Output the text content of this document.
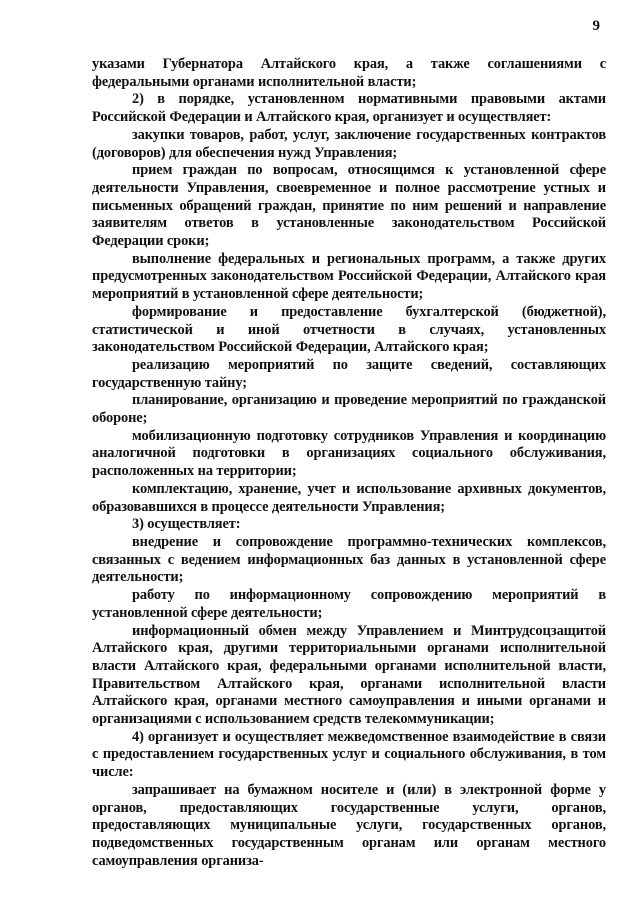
9

указами Губернатора Алтайского края, а также соглашениями с федеральными органами исполнительной власти;

2) в порядке, установленном нормативными правовыми актами Российской Федерации и Алтайского края, организует и осуществляет:

закупки товаров, работ, услуг, заключение государственных контрактов (договоров) для обеспечения нужд Управления;

прием граждан по вопросам, относящимся к установленной сфере деятельности Управления, своевременное и полное рассмотрение устных и письменных обращений граждан, принятие по ним решений и направление заявителям ответов в установленные законодательством Российской Федерации сроки;

выполнение федеральных и региональных программ, а также других предусмотренных законодательством Российской Федерации, Алтайского края мероприятий в установленной сфере деятельности;

формирование и предоставление бухгалтерской (бюджетной), статистической и иной отчетности в случаях, установленных законодательством Российской Федерации, Алтайского края;

реализацию мероприятий по защите сведений, составляющих государственную тайну;

планирование, организацию и проведение мероприятий по гражданской обороне;

мобилизационную подготовку сотрудников Управления и координацию аналогичной подготовки в организациях социального обслуживания, расположенных на территории;

комплектацию, хранение, учет и использование архивных документов, образовавшихся в процессе деятельности Управления;

3) осуществляет:

внедрение и сопровождение программно-технических комплексов, связанных с ведением информационных баз данных в установленной сфере деятельности;

работу по информационному сопровождению мероприятий в установленной сфере деятельности;

информационный обмен между Управлением и Минтрудсоцзащитой Алтайского края, другими территориальными органами исполнительной власти Алтайского края, федеральными органами исполнительной власти, Правительством Алтайского края, органами исполнительной власти Алтайского края, органами местного самоуправления и иными органами и организациями с использованием средств телекоммуникации;

4) организует и осуществляет межведомственное взаимодействие в связи с предоставлением государственных услуг и социального обслуживания, в том числе:

запрашивает на бумажном носителе и (или) в электронной форме у органов, предоставляющих государственные услуги, органов, предоставляющих муниципальные услуги, государственных органов, подведомственных государственным органам или органам местного самоуправления организа-
